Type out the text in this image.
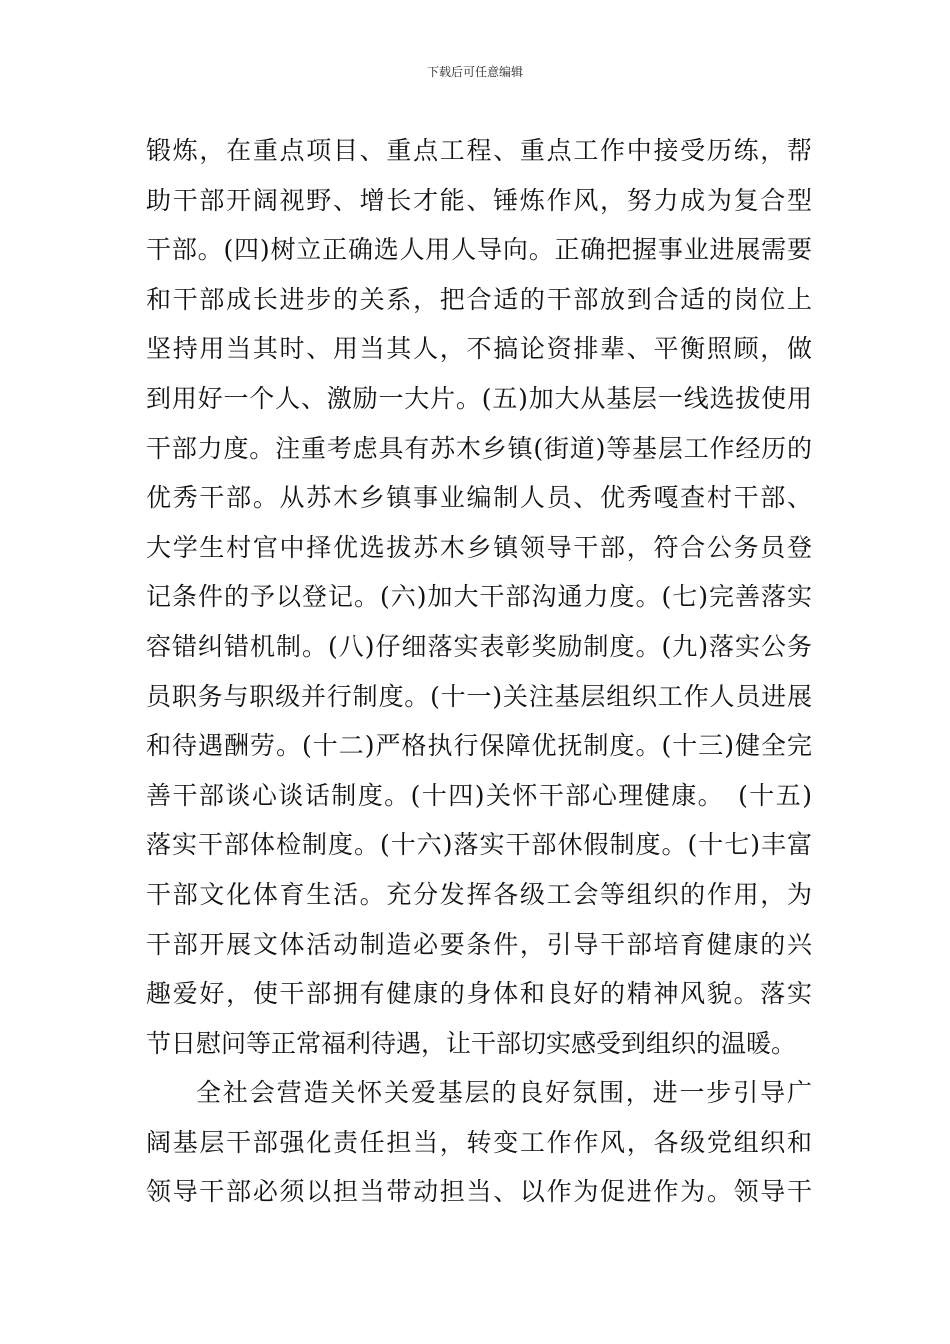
下载后可任意编辑
锻炼，在重点项目、重点工程、重点工作中接受历练，帮
助干部开阔视野、增长才能、锤炼作风，努力成为复合型
干部。(四)树立正确选人用人导向。正确把握事业进展需要
和干部成长进步的关系，把合适的干部放到合适的岗位上
坚持用当其时、用当其人，不搞论资排辈、平衡照顾，做
到用好一个人、激励一大片。(五)加大从基层一线选拔使用
干部力度。注重考虑具有苏木乡镇(街道)等基层工作经历的
优秀干部。从苏木乡镇事业编制人员、优秀嘎查村干部、
大学生村官中择优选拔苏木乡镇领导干部，符合公务员登
记条件的予以登记。(六)加大干部沟通力度。(七)完善落实
容错纠错机制。(八)仔细落实表彰奖励制度。(九)落实公务
员职务与职级并行制度。(十一)关注基层组织工作人员进展
和待遇酬劳。(十二)严格执行保障优抚制度。(十三)健全完
善干部谈心谈话制度。(十四)关怀干部心理健康。　(十五)
落实干部体检制度。(十六)落实干部休假制度。(十七)丰富
干部文化体育生活。充分发挥各级工会等组织的作用，为
干部开展文体活动制造必要条件，引导干部培育健康的兴
趣爱好，使干部拥有健康的身体和良好的精神风貌。落实
节日慰问等正常福利待遇，让干部切实感受到组织的温暖。
全社会营造关怀关爱基层的良好氛围，进一步引导广
阔基层干部强化责任担当，转变工作作风，各级党组织和
领导干部必须以担当带动担当、以作为促进作为。领导干
